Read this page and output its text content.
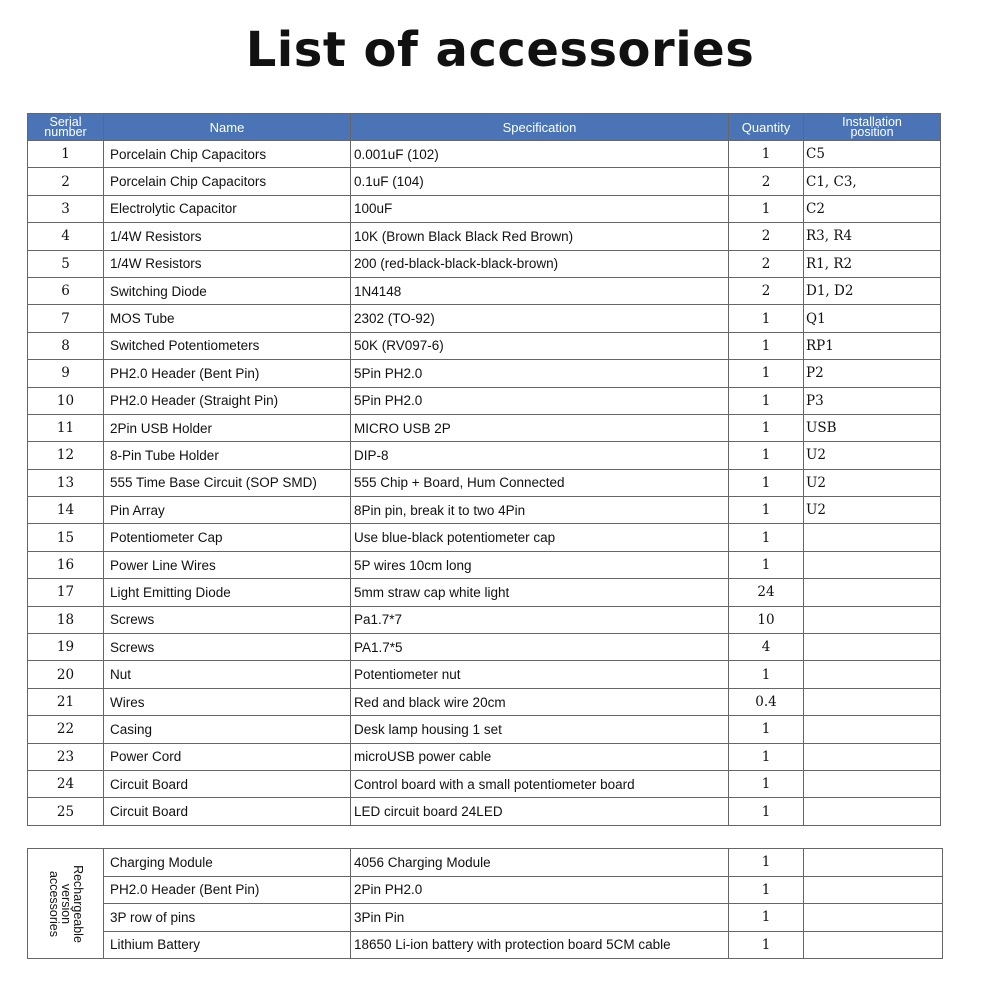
List of accessories
Serial
number	Name	Specification	Quantity	Installation
position
1	Porcelain Chip Capacitors	0.001uF (102)	1	C5
2	Porcelain Chip Capacitors	0.1uF (104)	2	C1, C3,
3	Electrolytic Capacitor	100uF	1	C2
4	1/4W Resistors	10K (Brown Black Black Red Brown)	2	R3, R4
5	1/4W Resistors	200 (red-black-black-black-brown)	2	R1, R2
6	Switching Diode	1N4148	2	D1, D2
7	MOS Tube	2302 (TO-92)	1	Q1
8	Switched Potentiometers	50K (RV097-6)	1	RP1
9	PH2.0 Header (Bent Pin)	5Pin PH2.0	1	P2
10	PH2.0 Header (Straight Pin)	5Pin PH2.0	1	P3
11	2Pin USB Holder	MICRO USB 2P	1	USB
12	8-Pin Tube Holder	DIP-8	1	U2
13	555 Time Base Circuit (SOP SMD)	555 Chip + Board, Hum Connected	1	U2
14	Pin Array	8Pin pin, break it to two 4Pin	1	U2
15	Potentiometer Cap	Use blue-black potentiometer cap	1	
16	Power Line Wires	5P wires 10cm long	1	
17	Light Emitting Diode	5mm straw cap white light	24	
18	Screws	Pa1.7*7	10	
19	Screws	PA1.7*5	4	
20	Nut	Potentiometer nut	1	
21	Wires	Red and black wire 20cm	0.4	
22	Casing	Desk lamp housing 1 set	1	
23	Power Cord	microUSB power cable	1	
24	Circuit Board	Control board with a small potentiometer board	1	
25	Circuit Board	LED circuit board 24LED	1	
Rechargeable
version
accessories	Charging Module	4056 Charging Module	1	
	PH2.0 Header (Bent Pin)	2Pin PH2.0	1	
	3P row of pins	3Pin Pin	1	
	Lithium Battery	18650 Li-ion battery with protection board 5CM cable	1	
